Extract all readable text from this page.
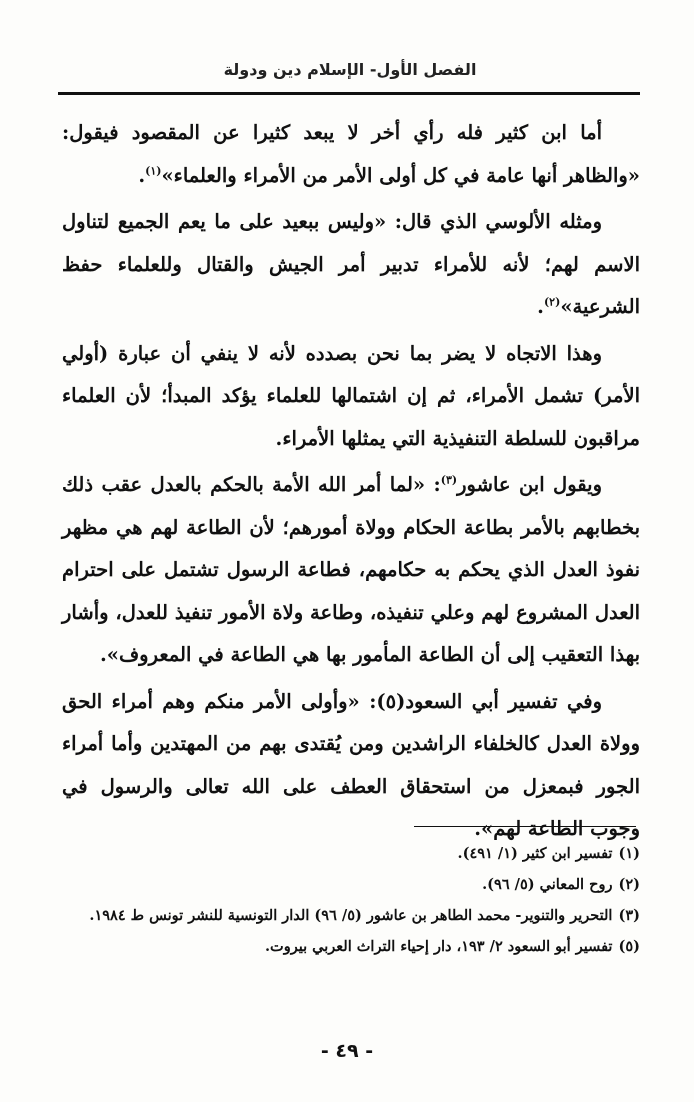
الفصل الأول- الإسلام دين ودولة

أما ابن كثير فله رأي أخر لا يبعد كثيرا عن المقصود فيقول: «والظاهر أنها عامة في كل أولى الأمر من الأمراء والعلماء»$^{(١)}$.

ومثله الألوسي الذي قال: «وليس ببعيد على ما يعم الجميع لتناول الاسم لهم؛ لأنه للأمراء تدبير أمر الجيش والقتال وللعلماء حفظ الشرعية»$^{(٢)}$.

وهذا الاتجاه لا يضر بما نحن بصدده لأنه لا ينفي أن عبارة (أولي الأمر) تشمل الأمراء، ثم إن اشتمالها للعلماء يؤكد المبدأ؛ لأن العلماء مراقبون للسلطة التنفيذية التي يمثلها الأمراء.

ويقول ابن عاشور$^{(٣)}$: «لما أمر الله الأمة بالحكم بالعدل عقب ذلك بخطابهم بالأمر بطاعة الحكام وولاة أمورهم؛ لأن الطاعة لهم هي مظهر نفوذ العدل الذي يحكم به حكامهم، فطاعة الرسول تشتمل على احترام العدل المشروع لهم وعلي تنفيذه، وطاعة ولاة الأمور تنفيذ للعدل، وأشار بهذا التعقيب إلى أن الطاعة المأمور بها هي الطاعة في المعروف».

وفي تفسير أبي السعود(٥): «وأولى الأمر منكم وهم أمراء الحق وولاة العدل كالخلفاء الراشدين ومن يُقتدى بهم من المهتدين وأما أمراء الجور فبمعزل من استحقاق العطف على الله تعالى والرسول في وجوب الطاعة لهم».

(١)تفسير ابن كثير (١/ ٤٩١).
(٢)روح المعاني (٥/ ٩٦).
(٣)التحرير والتنوير- محمد الطاهر بن عاشور (٥/ ٩٦) الدار التونسية للنشر تونس ط ١٩٨٤.
(٥)تفسير أبو السعود ٢/ ١٩٣، دار إحياء التراث العربي بيروت.
- ٤٩ -
